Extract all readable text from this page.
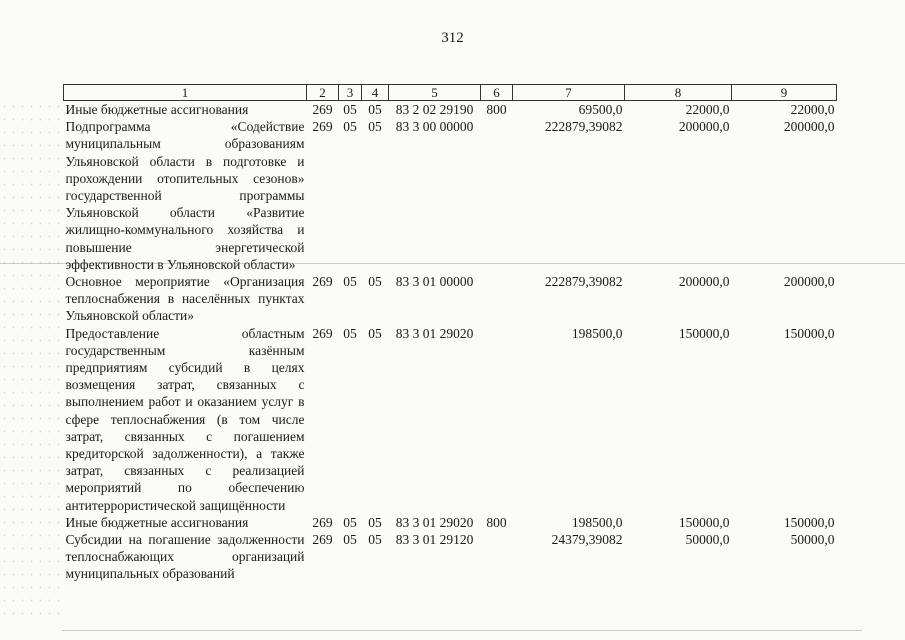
312
1	2	3	4	5	6	7	8	9
Иные бюджетные ассигнования	269	05	05	83 2 02 29190	800	69500,0	22000,0	22000,0
Подпрограмма «Содействие муниципальным образованиям Ульяновской области в подготовке и прохождении отопительных сезонов» государственной программы Ульяновской области «Развитие жилищно-коммунального хозяйства и повышение энергетической эффективности в Ульяновской области»	269	05	05	83 3 00 00000		222879,39082	200000,0	200000,0
Основное мероприятие «Организация теплоснабжения в населённых пунктах Ульяновской области»	269	05	05	83 3 01 00000		222879,39082	200000,0	200000,0
Предоставление областным государственным казённым предприятиям субсидий в целях возмещения затрат, связанных с выполнением работ и оказанием услуг в сфере теплоснабжения (в том числе затрат, связанных с погашением кредиторской задолженности), а также затрат, связанных с реализацией мероприятий по обеспечению антитеррористической защищённости	269	05	05	83 3 01 29020		198500,0	150000,0	150000,0
Иные бюджетные ассигнования	269	05	05	83 3 01 29020	800	198500,0	150000,0	150000,0
Субсидии на погашение задолженности теплоснабжающих организаций муниципальных образований	269	05	05	83 3 01 29120		24379,39082	50000,0	50000,0
